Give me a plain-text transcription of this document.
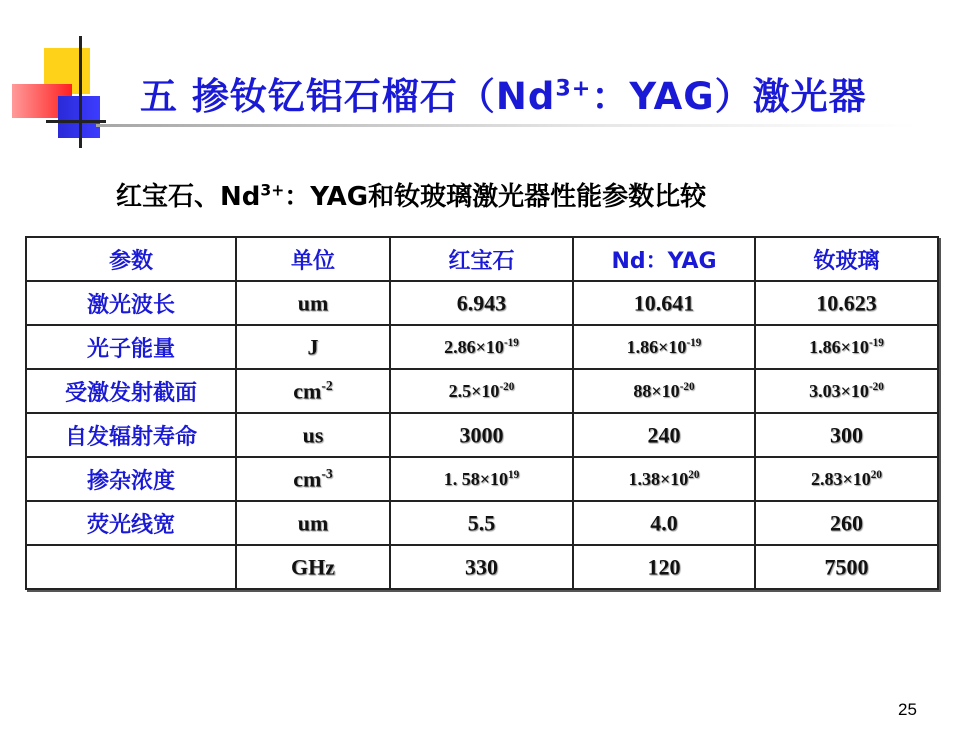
五 掺钕钇铝石榴石（$Nd^{3+}$：YAG）激光器
红宝石、$Nd^{3+}$：YAG和钕玻璃激光器性能参数比较
参数	单位	红宝石	Nd：YAG	钕玻璃
激光波长	um	6.943	10.641	10.623
光子能量	J	$2.86\times 10^{-19}$	$1.86\times 10^{-19}$	$1.86\times 10^{-19}$
受激发射截面	$cm^{-2}$	$2.5\times 10^{-20}$	$88\times 10^{-20}$	$3.03\times 10^{-20}$
自发辐射寿命	us	3000	240	300
掺杂浓度	$cm^{-3}$	1. $58\times 10^{19}$	$1.38\times 10^{20}$	$2.83\times 10^{20}$
荧光线宽	um	5.5	4.0	260
	GHz	330	120	7500
25
